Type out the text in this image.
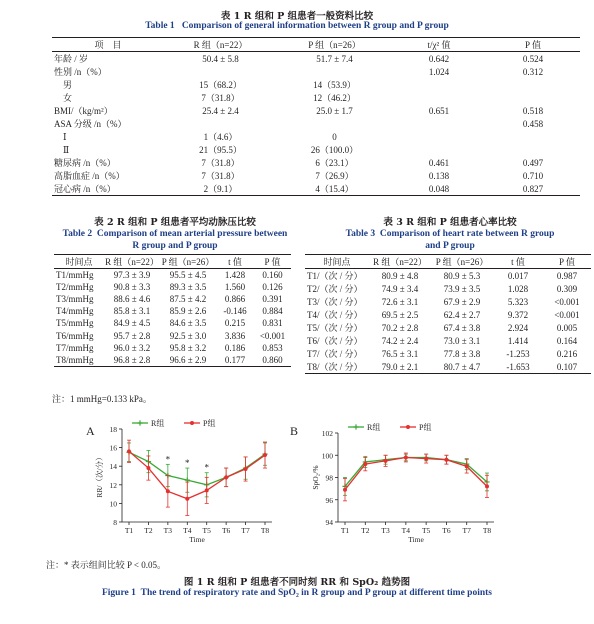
表 1 R 组和 P 组患者一般资料比较
Table 1 Comparison of general information between R group and P group
项　目	R 组（n=22）	P 组（n=26）	t/χ² 值	P 值
年龄 / 岁	50.4 ± 5.8	51.7 ± 7.4	0.642	0.524
性别 /n（%）			1.024	0.312
　男	15（68.2）	14（53.9）		
　女	7（31.8）	12（46.2）		
BMI/（kg/m²）	25.4 ± 2.4	25.0 ± 1.7	0.651	0.518
ASA 分级 /n（%）				0.458
　Ⅰ	1（4.6）	0		
　Ⅱ	21（95.5）	26（100.0）		
糖尿病 /n（%）	7（31.8）	6（23.1）	0.461	0.497
高脂血症 /n（%）	7（31.8）	7（26.9）	0.138	0.710
冠心病 /n（%）	2（9.1）	4（15.4）	0.048	0.827
表 2 R 组和 P 组患者平均动脉压比较
Table 2 Comparison of mean arterial pressure between
R group and P group
时间点	R 组（n=22）	P 组（n=26）	t 值	P 值
T1/mmHg	97.3 ± 3.9	95.5 ± 4.5	1.428	0.160
T2/mmHg	90.8 ± 3.3	89.3 ± 3.5	1.560	0.126
T3/mmHg	88.6 ± 4.6	87.5 ± 4.2	0.866	0.391
T4/mmHg	85.8 ± 3.1	85.9 ± 2.6	-0.146	0.884
T5/mmHg	84.9 ± 4.5	84.6 ± 3.5	0.215	0.831
T6/mmHg	95.7 ± 2.8	92.5 ± 3.0	3.836	<0.001
T7/mmHg	96.0 ± 3.2	95.8 ± 3.2	0.186	0.853
T8/mmHg	96.8 ± 2.8	96.6 ± 2.9	0.177	0.860
表 3 R 组和 P 组患者心率比较
Table 3 Comparison of heart rate between R group
and P group
时间点	R 组（n=22）	P 组（n=26）	t 值	P 值
T1/（次 / 分）	80.9 ± 4.8	80.9 ± 5.3	0.017	0.987
T2/（次 / 分）	74.9 ± 3.4	73.9 ± 3.5	1.028	0.309
T3/（次 / 分）	72.6 ± 3.1	67.9 ± 2.9	5.323	<0.001
T4/（次 / 分）	69.5 ± 2.5	62.4 ± 2.7	9.372	<0.001
T5/（次 / 分）	70.2 ± 2.8	67.4 ± 3.8	2.924	0.005
T6/（次 / 分）	74.2 ± 2.4	73.0 ± 3.1	1.414	0.164
T7/（次 / 分）	76.5 ± 3.1	77.8 ± 3.8	-1.253	0.216
T8/（次 / 分）	79.0 ± 2.1	80.7 ± 4.7	-1.653	0.107
注：1 mmHg=0.133 kPa。
A
8
10
12
14
16
18
T1 T2 T3 T4 T5 T6 T7 T8
Time
RR/（次/分）
R组	P组
* * *
B
94
96
98
100
102
T1 T2 T3 T4 T5 T6 T7 T8
Time
SpO₂/%
R组	P组
注：* 表示组间比较 P < 0.05。
图 1 R 组和 P 组患者不同时刻 RR 和 SpO₂ 趋势图
Figure 1 The trend of respiratory rate and SpO₂ in R group and P group at different time points
